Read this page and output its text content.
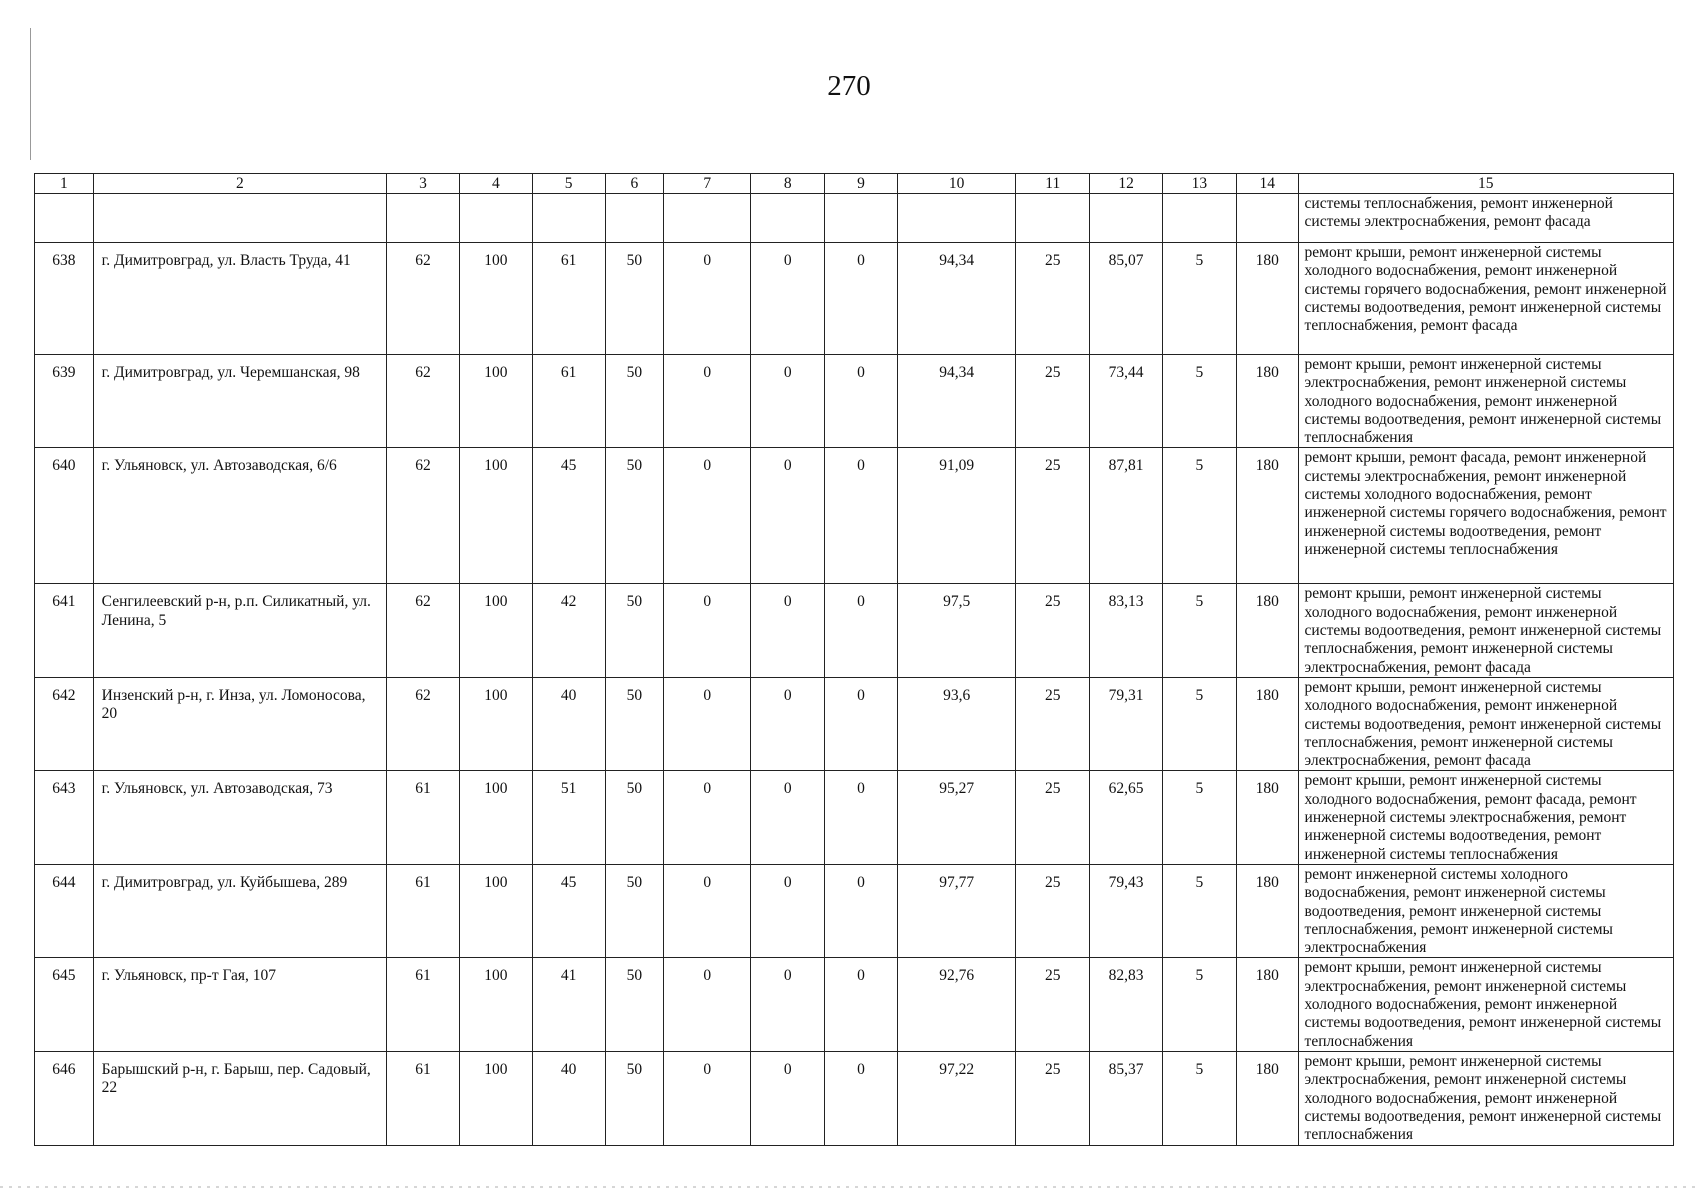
270
1	2	3	4	5	6	7	8	9	10	11	12	13	14	15
														системы теплоснабжения, ремонт инженерной системы электроснабжения, ремонт фасада
638	г. Димитровград, ул. Власть Труда, 41	62	100	61	50	0	0	0	94,34	25	85,07	5	180	ремонт крыши, ремонт инженерной системы холодного водоснабжения, ремонт инженерной системы горячего водоснабжения, ремонт инженерной системы водоотведения, ремонт инженерной системы теплоснабжения, ремонт фасада
639	г. Димитровград, ул. Черемшанская, 98	62	100	61	50	0	0	0	94,34	25	73,44	5	180	ремонт крыши, ремонт инженерной системы электроснабжения, ремонт инженерной системы холодного водоснабжения, ремонт инженерной системы водоотведения, ремонт инженерной системы теплоснабжения
640	г. Ульяновск, ул. Автозаводская, 6/6	62	100	45	50	0	0	0	91,09	25	87,81	5	180	ремонт крыши, ремонт фасада, ремонт инженерной системы электроснабжения, ремонт инженерной системы холодного водоснабжения, ремонт инженерной системы горячего водоснабжения, ремонт инженерной системы водоотведения, ремонт инженерной системы теплоснабжения
641	Сенгилеевский р-н, р.п. Силикатный, ул. Ленина, 5	62	100	42	50	0	0	0	97,5	25	83,13	5	180	ремонт крыши, ремонт инженерной системы холодного водоснабжения, ремонт инженерной системы водоотведения, ремонт инженерной системы теплоснабжения, ремонт инженерной системы электроснабжения, ремонт фасада
642	Инзенский р-н, г. Инза, ул. Ломоносова, 20	62	100	40	50	0	0	0	93,6	25	79,31	5	180	ремонт крыши, ремонт инженерной системы холодного водоснабжения, ремонт инженерной системы водоотведения, ремонт инженерной системы теплоснабжения, ремонт инженерной системы электроснабжения, ремонт фасада
643	г. Ульяновск, ул. Автозаводская, 73	61	100	51	50	0	0	0	95,27	25	62,65	5	180	ремонт крыши, ремонт инженерной системы холодного водоснабжения, ремонт фасада, ремонт инженерной системы электроснабжения, ремонт инженерной системы водоотведения, ремонт инженерной системы теплоснабжения
644	г. Димитровград, ул. Куйбышева, 289	61	100	45	50	0	0	0	97,77	25	79,43	5	180	ремонт инженерной системы холодного водоснабжения, ремонт инженерной системы водоотведения, ремонт инженерной системы теплоснабжения, ремонт инженерной системы электроснабжения
645	г. Ульяновск, пр-т Гая, 107	61	100	41	50	0	0	0	92,76	25	82,83	5	180	ремонт крыши, ремонт инженерной системы электроснабжения, ремонт инженерной системы холодного водоснабжения, ремонт инженерной системы водоотведения, ремонт инженерной системы теплоснабжения
646	Барышский р-н, г. Барыш, пер. Садовый, 22	61	100	40	50	0	0	0	97,22	25	85,37	5	180	ремонт крыши, ремонт инженерной системы электроснабжения, ремонт инженерной системы холодного водоснабжения, ремонт инженерной системы водоотведения, ремонт инженерной системы теплоснабжения
